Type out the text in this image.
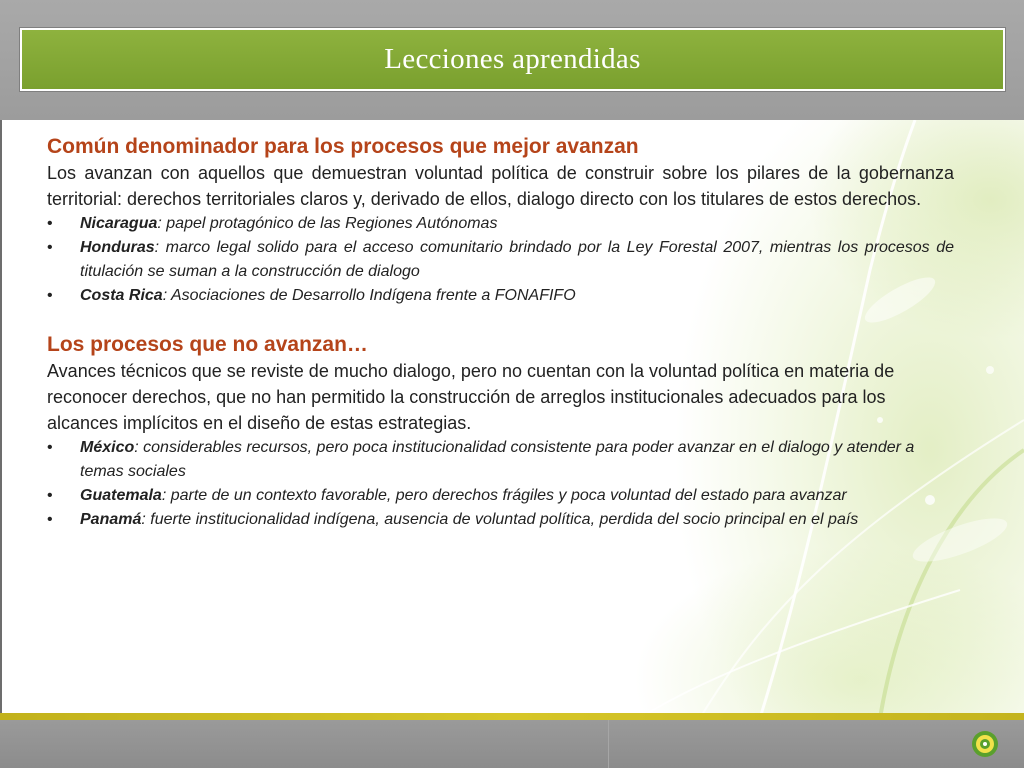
Lecciones aprendidas
Común denominador para los procesos que mejor avanzan

Los avanzan con aquellos que demuestran voluntad política de construir sobre los pilares de la gobernanza territorial: derechos territoriales claros y, derivado de ellos, dialogo directo con los titulares de estos derechos.

• Nicaragua: papel protagónico de las Regiones Autónomas
• Honduras: marco legal solido para el acceso comunitario brindado por la Ley Forestal 2007, mientras los procesos de titulación se suman a la construcción de dialogo
• Costa Rica: Asociaciones de Desarrollo Indígena frente a FONAFIFO
Los procesos que no avanzan…

Avances técnicos que se reviste de mucho dialogo, pero no cuentan con la voluntad política en materia de reconocer derechos, que no han permitido la construcción de arreglos institucionales adecuados para los alcances implícitos en el diseño de estas estrategias.

• México: considerables recursos, pero poca institucionalidad consistente para poder avanzar en el dialogo y atender a temas sociales
• Guatemala: parte de un contexto favorable, pero derechos frágiles y poca voluntad del estado para avanzar
• Panamá: fuerte institucionalidad indígena, ausencia de voluntad política, perdida del socio principal en el país
